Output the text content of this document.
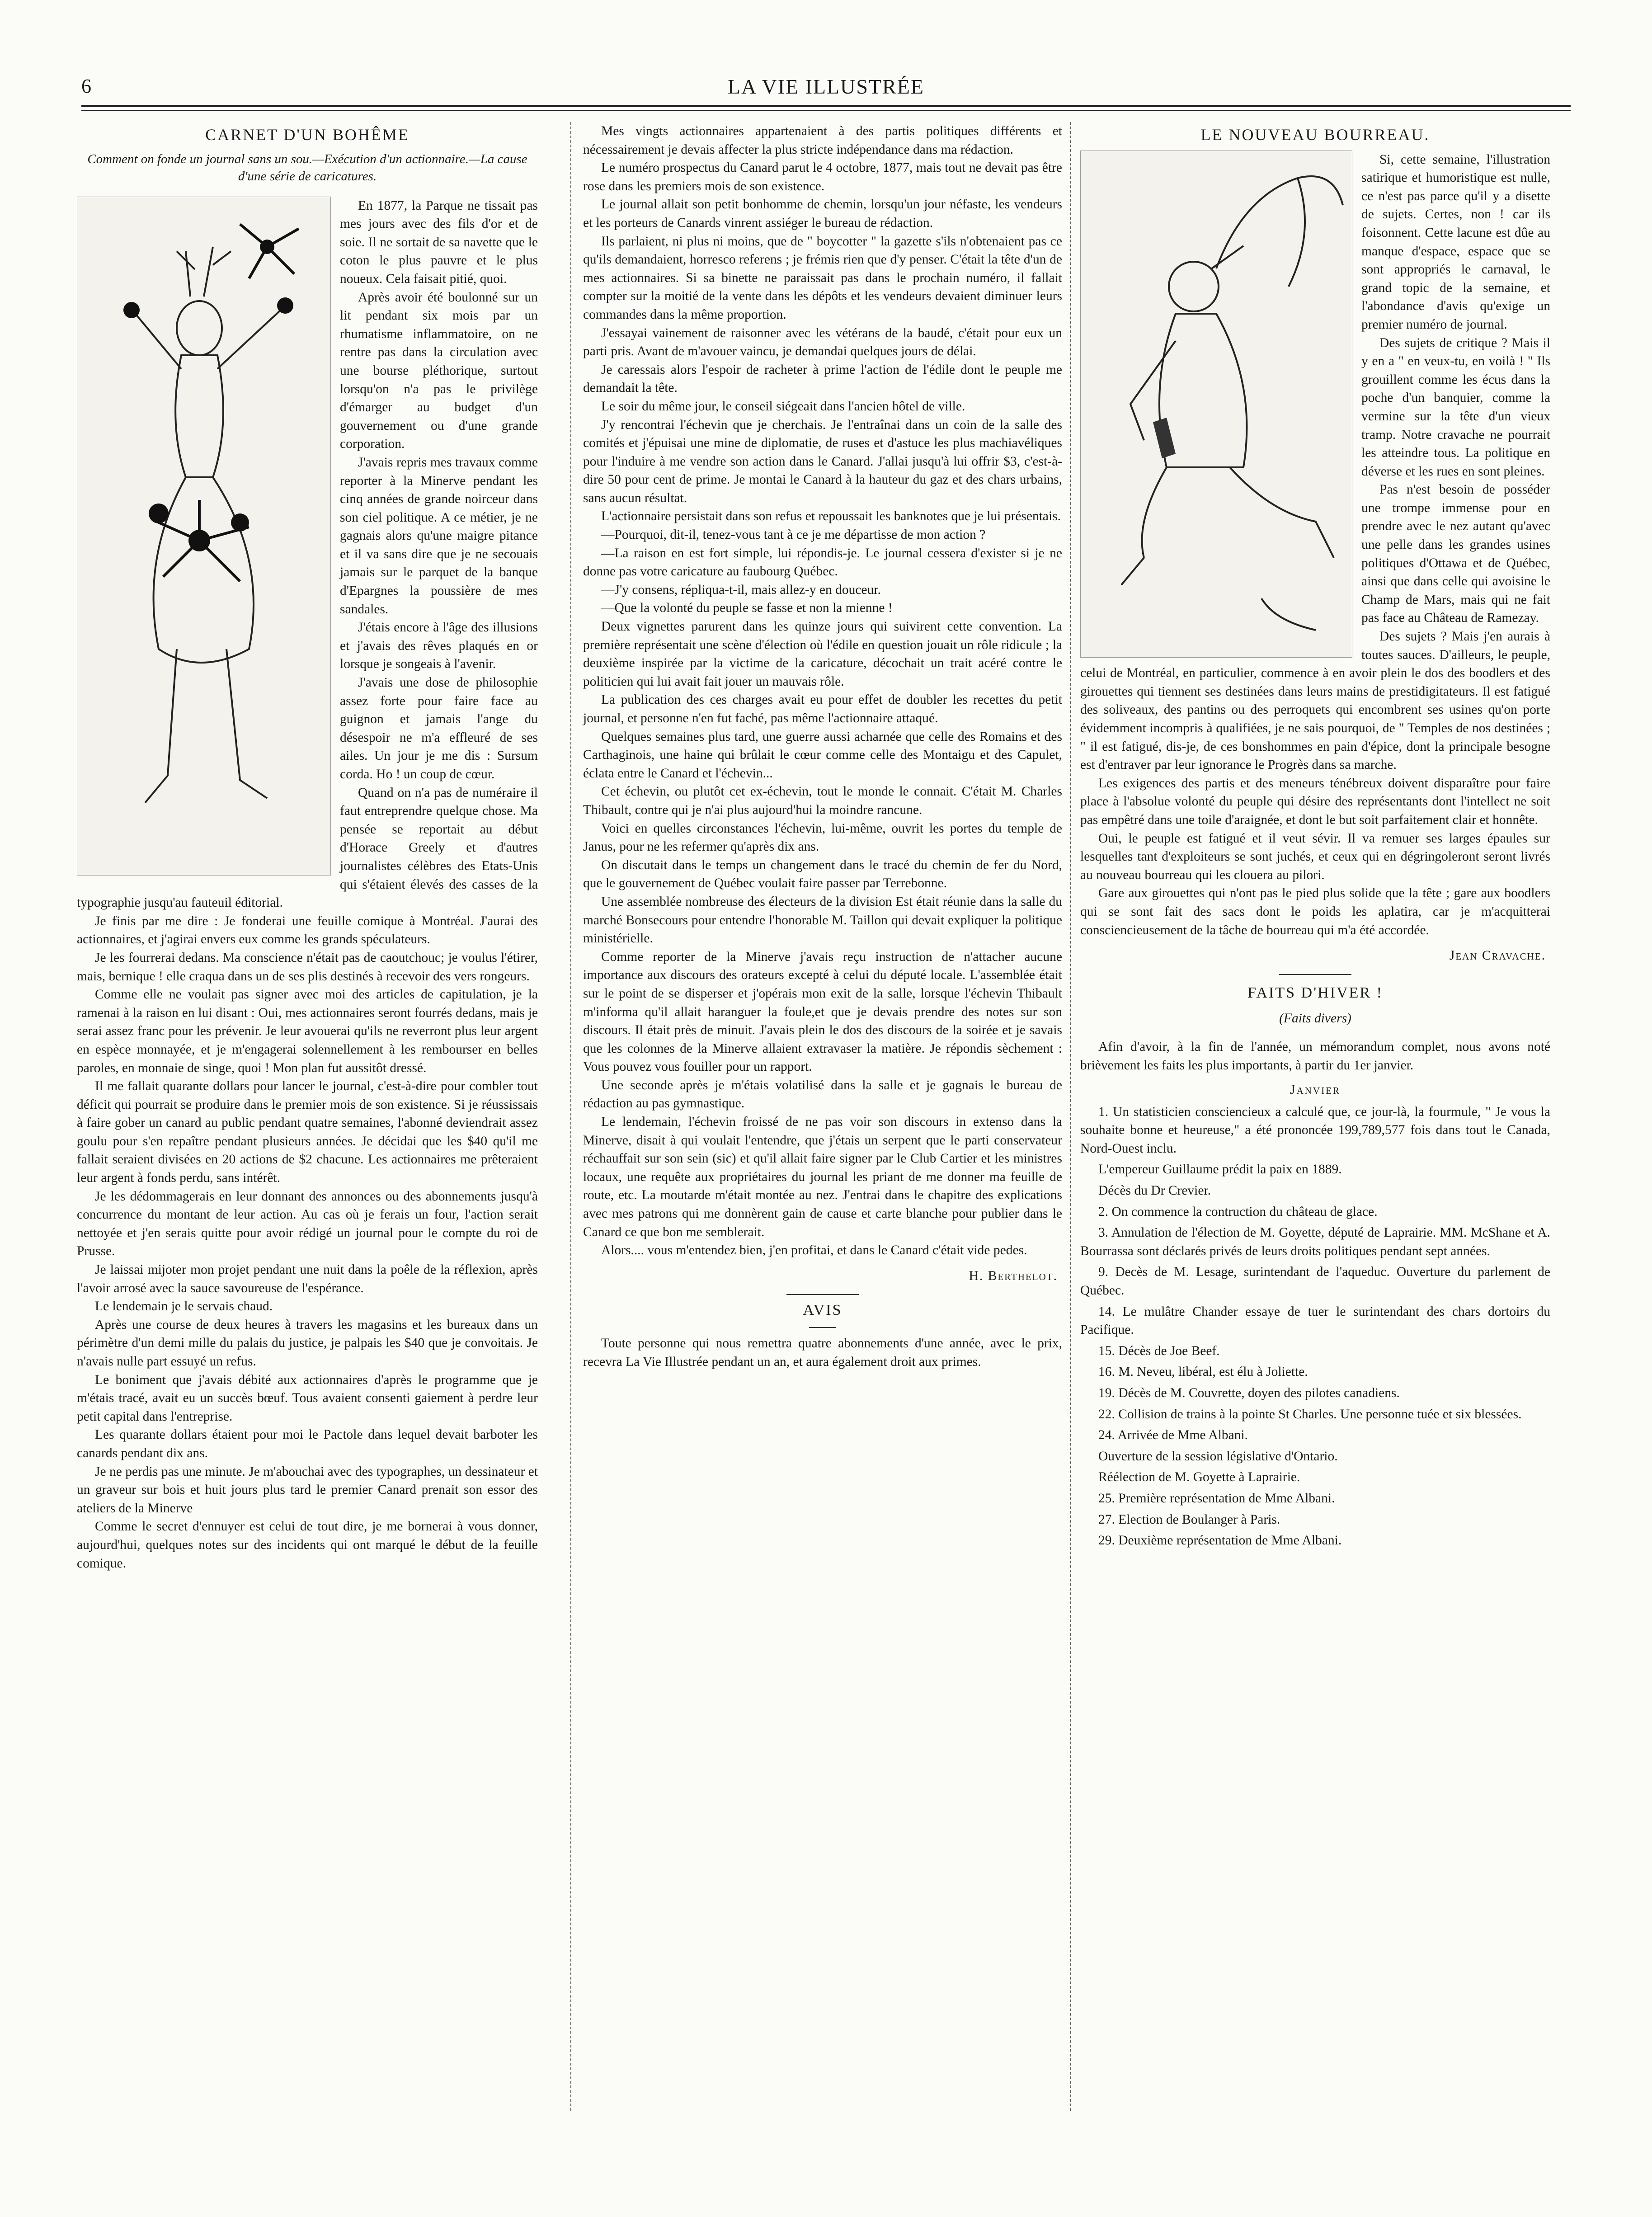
6	LA VIE ILLUSTRÉE
CARNET D'UN BOHÊME
Comment on fonde un journal sans un sou.—Exécution d'un actionnaire.—La cause d'une série de caricatures.

En 1877, la Parque ne tissait pas mes jours avec des fils d'or et de soie. Il ne sortait de sa navette que le coton le plus pauvre et le plus noueux. Cela faisait pitié, quoi.

Après avoir été boulonné sur un lit pendant six mois par un rhumatisme inflammatoire, on ne rentre pas dans la circulation avec une bourse pléthorique, surtout lorsqu'on n'a pas le privilège d'émarger au budget d'un gouvernement ou d'une grande corporation.

J'avais repris mes travaux comme reporter à la Minerve pendant les cinq années de grande noirceur dans son ciel politique. A ce métier, je ne gagnais alors qu'une maigre pitance et il va sans dire que je ne secouais jamais sur le parquet de la banque d'Epargnes la poussière de mes sandales.

J'étais encore à l'âge des illusions et j'avais des rêves plaqués en or lorsque je songeais à l'avenir.

J'avais une dose de philosophie assez forte pour faire face au guignon et jamais l'ange du désespoir ne m'a effleuré de ses ailes. Un jour je me dis : Sursum corda. Ho ! un coup de cœur.

Quand on n'a pas de numéraire il faut entreprendre quelque chose. Ma pensée se reportait au début d'Horace Greely et d'autres journalistes célèbres des Etats-Unis qui s'étaient élevés des casses de la typographie jusqu'au fauteuil éditorial.

Je finis par me dire : Je fonderai une feuille comique à Montréal. J'aurai des actionnaires, et j'agirai envers eux comme les grands spéculateurs.

Je les fourrerai dedans. Ma conscience n'était pas de caoutchouc; je voulus l'étirer, mais, bernique ! elle craqua dans un de ses plis destinés à recevoir des vers rongeurs.

Comme elle ne voulait pas signer avec moi des articles de capitulation, je la ramenai à la raison en lui disant : Oui, mes actionnaires seront fourrés dedans, mais je serai assez franc pour les prévenir. Je leur avouerai qu'ils ne reverront plus leur argent en espèce monnayée, et je m'engagerai solennellement à les rembourser en belles paroles, en monnaie de singe, quoi ! Mon plan fut aussitôt dressé.

Il me fallait quarante dollars pour lancer le journal, c'est-à-dire pour combler tout déficit qui pourrait se produire dans le premier mois de son existence. Si je réussissais à faire gober un canard au public pendant quatre semaines, l'abonné deviendrait assez goulu pour s'en repaître pendant plusieurs années. Je décidai que les $40 qu'il me fallait seraient divisées en 20 actions de $2 chacune. Les actionnaires me prêteraient leur argent à fonds perdu, sans intérêt.

Je les dédommagerais en leur donnant des annonces ou des abonnements jusqu'à concurrence du montant de leur action. Au cas où je ferais un four, l'action serait nettoyée et j'en serais quitte pour avoir rédigé un journal pour le compte du roi de Prusse.

Je laissai mijoter mon projet pendant une nuit dans la poêle de la réflexion, après l'avoir arrosé avec la sauce savoureuse de l'espérance.

Le lendemain je le servais chaud.

Après une course de deux heures à travers les magasins et les bureaux dans un périmètre d'un demi mille du palais du justice, je palpais les $40 que je convoitais. Je n'avais nulle part essuyé un refus.

Le boniment que j'avais débité aux actionnaires d'après le programme que je m'étais tracé, avait eu un succès bœuf. Tous avaient consenti gaiement à perdre leur petit capital dans l'entreprise.

Les quarante dollars étaient pour moi le Pactole dans lequel devait barboter les canards pendant dix ans.

Je ne perdis pas une minute. Je m'abouchai avec des typographes, un dessinateur et un graveur sur bois et huit jours plus tard le premier Canard prenait son essor des ateliers de la Minerve

Comme le secret d'ennuyer est celui de tout dire, je me bornerai à vous donner, aujourd'hui, quelques notes sur des incidents qui ont marqué le début de la feuille comique.

Mes vingts actionnaires appartenaient à des partis politiques différents et nécessairement je devais affecter la plus stricte indépendance dans ma rédaction.

Le numéro prospectus du Canard parut le 4 octobre, 1877, mais tout ne devait pas être rose dans les premiers mois de son existence.

Le journal allait son petit bonhomme de chemin, lorsqu'un jour néfaste, les vendeurs et les porteurs de Canards vinrent assiéger le bureau de rédaction.

Ils parlaient, ni plus ni moins, que de " boycotter " la gazette s'ils n'obtenaient pas ce qu'ils demandaient, horresco referens ; je frémis rien que d'y penser. C'était la tête d'un de mes actionnaires. Si sa binette ne paraissait pas dans le prochain numéro, il fallait compter sur la moitié de la vente dans les dépôts et les vendeurs devaient diminuer leurs commandes dans la même proportion.

J'essayai vainement de raisonner avec les vétérans de la baudé, c'était pour eux un parti pris. Avant de m'avouer vaincu, je demandai quelques jours de délai.

Je caressais alors l'espoir de racheter à prime l'action de l'édile dont le peuple me demandait la tête.

Le soir du même jour, le conseil siégeait dans l'ancien hôtel de ville.

J'y rencontrai l'échevin que je cherchais. Je l'entraînai dans un coin de la salle des comités et j'épuisai une mine de diplomatie, de ruses et d'astuce les plus machiavéliques pour l'induire à me vendre son action dans le Canard. J'allai jusqu'à lui offrir $3, c'est-à-dire 50 pour cent de prime. Je montai le Canard à la hauteur du gaz et des chars urbains, sans aucun résultat.

L'actionnaire persistait dans son refus et repoussait les banknotes que je lui présentais.

—Pourquoi, dit-il, tenez-vous tant à ce je me départisse de mon action ?

—La raison en est fort simple, lui répondis-je. Le journal cessera d'exister si je ne donne pas votre caricature au faubourg Québec.

—J'y consens, répliqua-t-il, mais allez-y en douceur.

—Que la volonté du peuple se fasse et non la mienne !

Deux vignettes parurent dans les quinze jours qui suivirent cette convention. La première représentait une scène d'élection où l'édile en question jouait un rôle ridicule ; la deuxième inspirée par la victime de la caricature, décochait un trait acéré contre le politicien qui lui avait fait jouer un mauvais rôle.

La publication des ces charges avait eu pour effet de doubler les recettes du petit journal, et personne n'en fut faché, pas même l'actionnaire attaqué.

Quelques semaines plus tard, une guerre aussi acharnée que celle des Romains et des Carthaginois, une haine qui brûlait le cœur comme celle des Montaigu et des Capulet, éclata entre le Canard et l'échevin...

Cet échevin, ou plutôt cet ex-échevin, tout le monde le connait. C'était M. Charles Thibault, contre qui je n'ai plus aujourd'hui la moindre rancune.

Voici en quelles circonstances l'échevin, lui-même, ouvrit les portes du temple de Janus, pour ne les refermer qu'après dix ans.

On discutait dans le temps un changement dans le tracé du chemin de fer du Nord, que le gouvernement de Québec voulait faire passer par Terrebonne.

Une assemblée nombreuse des électeurs de la division Est était réunie dans la salle du marché Bonsecours pour entendre l'honorable M. Taillon qui devait expliquer la politique ministérielle.

Comme reporter de la Minerve j'avais reçu instruction de n'attacher aucune importance aux discours des orateurs excepté à celui du député locale. L'assemblée était sur le point de se disperser et j'opérais mon exit de la salle, lorsque l'échevin Thibault m'informa qu'il allait haranguer la foule,et que je devais prendre des notes sur son discours. Il était près de minuit. J'avais plein le dos des discours de la soirée et je savais que les colonnes de la Minerve allaient extravaser la matière. Je répondis sèchement : Vous pouvez vous fouiller pour un rapport.

Une seconde après je m'étais volatilisé dans la salle et je gagnais le bureau de rédaction au pas gymnastique.

Le lendemain, l'échevin froissé de ne pas voir son discours in extenso dans la Minerve, disait à qui voulait l'entendre, que j'étais un serpent que le parti conservateur réchauffait sur son sein (sic) et qu'il allait faire signer par le Club Cartier et les ministres locaux, une requête aux propriétaires du journal les priant de me donner ma feuille de route, etc. La moutarde m'était montée au nez. J'entrai dans le chapitre des explications avec mes patrons qui me donnèrent gain de cause et carte blanche pour publier dans le Canard ce que bon me semblerait.

Alors.... vous m'entendez bien, j'en profitai, et dans le Canard c'était vide pedes.

H. Berthelot.
AVIS

Toute personne qui nous remettra quatre abonnements d'une année, avec le prix, recevra La Vie Illustrée pendant un an, et aura également droit aux primes.

LE NOUVEAU BOURREAU.

Si, cette semaine, l'illustration satirique et humoristique est nulle, ce n'est pas parce qu'il y a disette de sujets. Certes, non ! car ils foisonnent. Cette lacune est dûe au manque d'espace, espace que se sont appropriés le carnaval, le grand topic de la semaine, et l'abondance d'avis qu'exige un premier numéro de journal.

Des sujets de critique ? Mais il y en a " en veux-tu, en voilà ! " Ils grouillent comme les écus dans la poche d'un banquier, comme la vermine sur la tête d'un vieux tramp. Notre cravache ne pourrait les atteindre tous. La politique en déverse et les rues en sont pleines.

Pas n'est besoin de posséder une trompe immense pour en prendre avec le nez autant qu'avec une pelle dans les grandes usines politiques d'Ottawa et de Québec, ainsi que dans celle qui avoisine le Champ de Mars, mais qui ne fait pas face au Château de Ramezay.

Des sujets ? Mais j'en aurais à toutes sauces. D'ailleurs, le peuple, celui de Montréal, en particulier, commence à en avoir plein le dos des boodlers et des girouettes qui tiennent ses destinées dans leurs mains de prestidigitateurs. Il est fatigué des soliveaux, des pantins ou des perroquets qui encombrent ses usines qu'on porte évidemment incompris à qualifiées, je ne sais pourquoi, de " Temples de nos destinées ; " il est fatigué, dis-je, de ces bonshommes en pain d'épice, dont la principale besogne est d'entraver par leur ignorance le Progrès dans sa marche.

Les exigences des partis et des meneurs ténébreux doivent disparaître pour faire place à l'absolue volonté du peuple qui désire des représentants dont l'intellect ne soit pas empêtré dans une toile d'araignée, et dont le but soit parfaitement clair et honnête.

Oui, le peuple est fatigué et il veut sévir. Il va remuer ses larges épaules sur lesquelles tant d'exploiteurs se sont juchés, et ceux qui en dégringoleront seront livrés au nouveau bourreau qui les clouera au pilori.

Gare aux girouettes qui n'ont pas le pied plus solide que la tête ; gare aux boodlers qui se sont fait des sacs dont le poids les aplatira, car je m'acquitterai consciencieusement de la tâche de bourreau qui m'a été accordée.

Jean Cravache.
FAITS D'HIVER !
(Faits divers)

Afin d'avoir, à la fin de l'année, un mémorandum complet, nous avons noté brièvement les faits les plus importants, à partir du 1er janvier.

Janvier
1. Un statisticien consciencieux a calculé que, ce jour-là, la fourmule, " Je vous la souhaite bonne et heureuse," a été prononcée 199,789,577 fois dans tout le Canada, Nord-Ouest inclu.
L'empereur Guillaume prédit la paix en 1889.
Décès du Dr Crevier.
2. On commence la contruction du château de glace.
3. Annulation de l'élection de M. Goyette, député de Laprairie. MM. McShane et A. Bourrassa sont déclarés privés de leurs droits politiques pendant sept années.
9. Decès de M. Lesage, surintendant de l'aqueduc. Ouverture du parlement de Québec.
14. Le mulâtre Chander essaye de tuer le surintendant des chars dortoirs du Pacifique.
15. Décès de Joe Beef.
16. M. Neveu, libéral, est élu à Joliette.
19. Décès de M. Couvrette, doyen des pilotes canadiens.
22. Collision de trains à la pointe St Charles. Une personne tuée et six blessées.
24. Arrivée de Mme Albani.
Ouverture de la session législative d'Ontario.
Réélection de M. Goyette à Laprairie.
25. Première représentation de Mme Albani.
27. Election de Boulanger à Paris.
29. Deuxième représentation de Mme Albani.
